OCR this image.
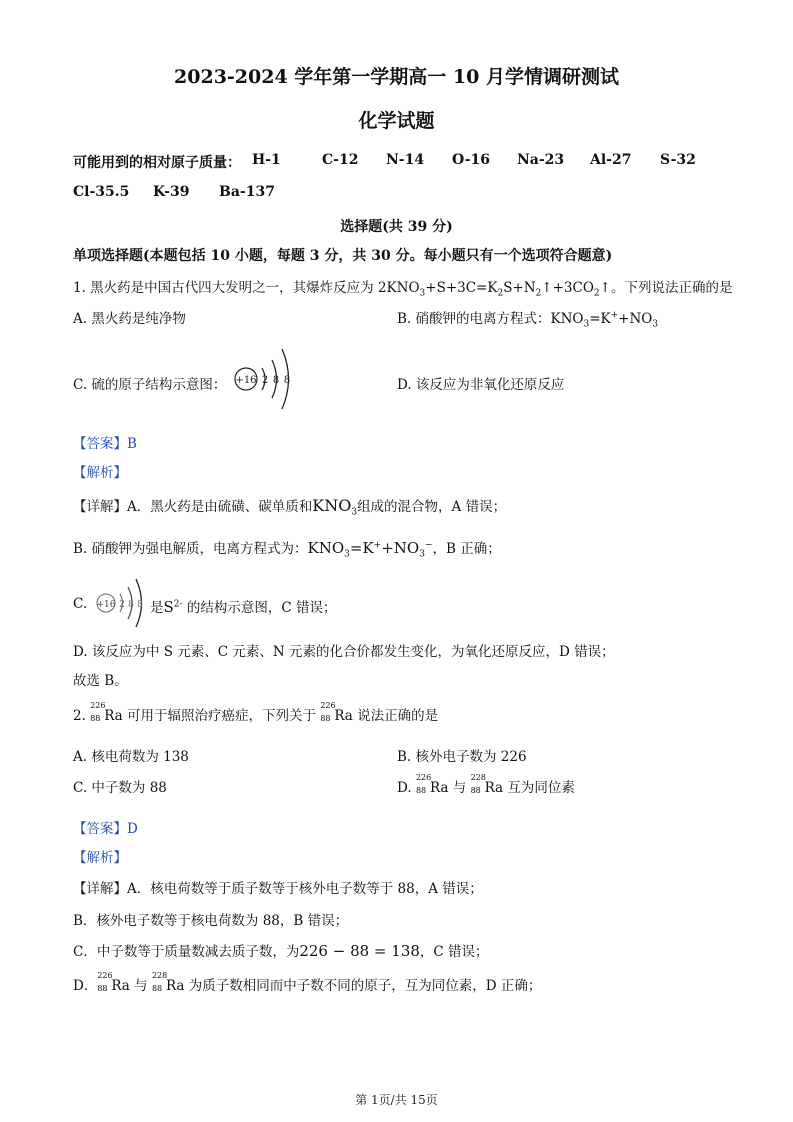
2023-2024 学年第一学期高一 10 月学情调研测试
化学试题
可能用到的相对原子质量： H-1	C-12 N-14 O-16 Na-23 Al-27 S-32
Cl-35.5 K-39 Ba-137
选择题(共 39 分)
单项选择题(本题包括 10 小题，每题 3 分，共 30 分。每小题只有一个选项符合题意)
1. 黑火药是中国古代四大发明之一，其爆炸反应为 $2KNO_3+S+3C=K_2S+N_2↑+3CO_2↑$。下列说法正确的是
A. 黑火药是纯净物	B. 硝酸钾的电离方程式：$KNO_3=K^++NO_3$
C. 硫的原子结构示意图： +16 2 8 8	D. 该反应为非氧化还原反应
【答案】B
【解析】
【详解】A．黑火药是由硫磺、碳单质和$KNO_3$组成的混合物，A 错误；
B. 硝酸钾为强电解质，电离方程式为：$KNO_3=K^++NO_3^-$，B 正确；
C. +16 2 8 8 是$S^{2-}$ 的结构示意图，C 错误；
D. 该反应为中 S 元素、C 元素、N 元素的化合价都发生变化，为氧化还原反应，D 错误；
故选 B。
2.
226
88 Ra 可用于辐照治疗癌症，下列关于
226
88 Ra 说法正确的是
A. 核电荷数为 138	B. 核外电子数为 226
C. 中子数为 88	D.
226
88 Ra 与
228
88 Ra 互为同位素
【答案】D
【解析】
【详解】A．核电荷数等于质子数等于核外电子数等于 88，A 错误；
B．核外电子数等于核电荷数为 88，B 错误；
C．中子数等于质量数减去质子数，为226 − 88 = 138，C 错误；
D．
226
88 Ra 与
228
88 Ra 为质子数相同而中子数不同的原子，互为同位素，D 正确；
第 1页/共 15页
